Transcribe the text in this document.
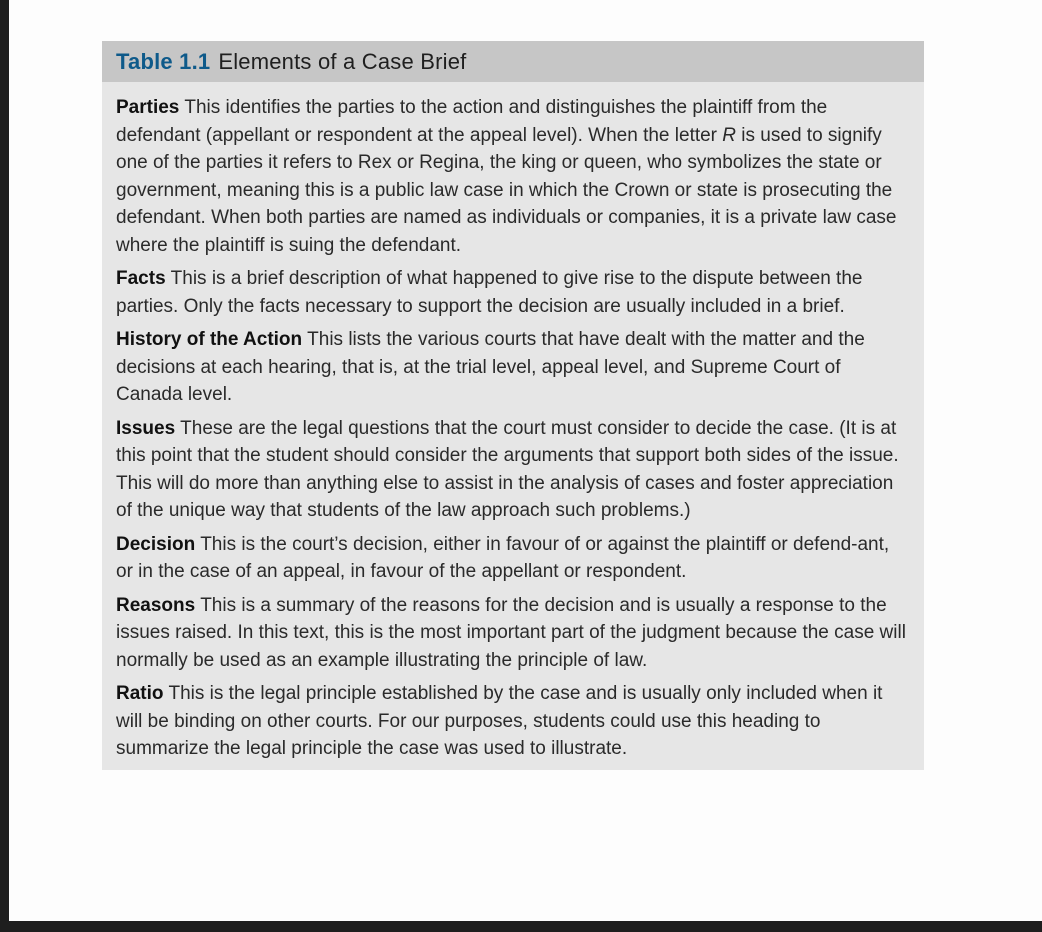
Table 1.1 Elements of a Case Brief

Parties This identifies the parties to the action and distinguishes the plaintiff from the defendant (appellant or respondent at the appeal level). When the letter R is used to signify one of the parties it refers to Rex or Regina, the king or queen, who symbolizes the state or government, meaning this is a public law case in which the Crown or state is prosecuting the defendant. When both parties are named as individuals or companies, it is a private law case where the plaintiff is suing the defendant.

Facts This is a brief description of what happened to give rise to the dispute between the parties. Only the facts necessary to support the decision are usually included in a brief.

History of the Action This lists the various courts that have dealt with the matter and the decisions at each hearing, that is, at the trial level, appeal level, and Supreme Court of Canada level.

Issues These are the legal questions that the court must consider to decide the case. (It is at this point that the student should consider the arguments that support both sides of the issue. This will do more than anything else to assist in the analysis of cases and foster appreciation of the unique way that students of the law approach such problems.)

Decision This is the court’s decision, either in favour of or against the plaintiff or defend-ant, or in the case of an appeal, in favour of the appellant or respondent.

Reasons This is a summary of the reasons for the decision and is usually a response to the issues raised. In this text, this is the most important part of the judgment because the case will normally be used as an example illustrating the principle of law.

Ratio This is the legal principle established by the case and is usually only included when it will be binding on other courts. For our purposes, students could use this heading to summarize the legal principle the case was used to illustrate.
